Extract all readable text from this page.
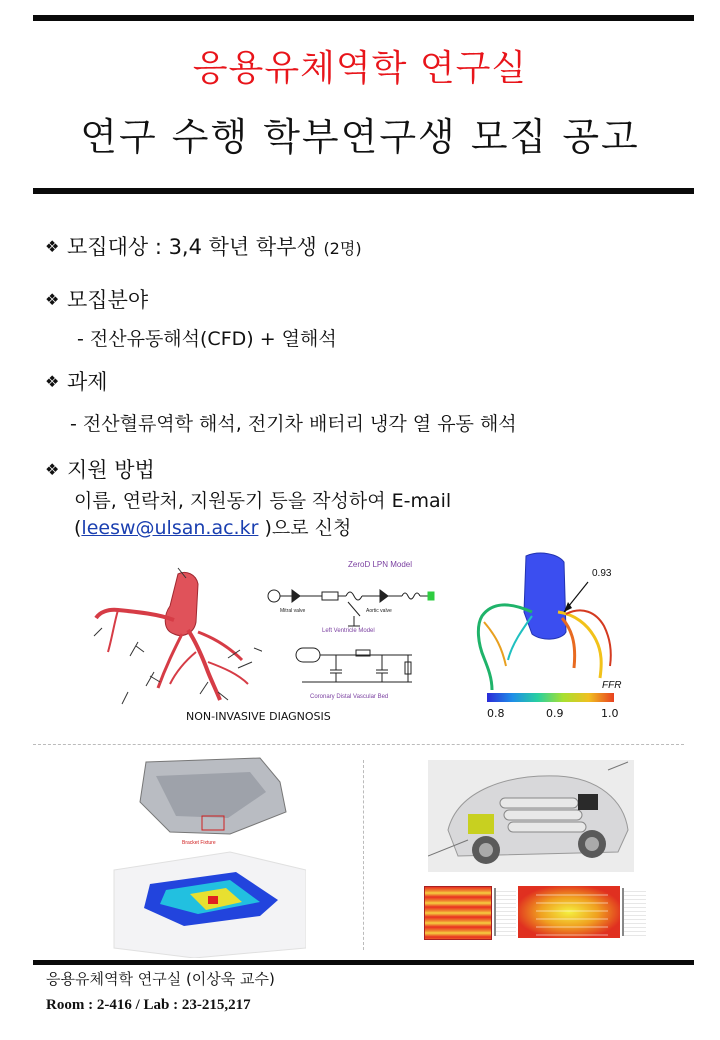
응용유체역학 연구실
연구 수행 학부연구생 모집 공고
❖ 모집대상 : 3,4 학년 학부생 (2명)
❖ 모집분야
- 전산유동해석(CFD) + 열해석
❖ 과제
- 전산혈류역학 해석, 전기차 배터리 냉각 열 유동 해석
❖ 지원 방법
이름, 연락처, 지원동기 등을 작성하여 E-mail
(leesw@ulsan.ac.kr )으로 신청
ZeroD LPN Model
Mitral valve	Aortic valve
Left Ventricle Model
Coronary Distal Vascular Bed
0.93
FFR
0.8	0.9	1.0
NON-INVASIVE DIAGNOSIS
Bracket Fixture
응용유체역학 연구실 (이상욱 교수)
Room : 2-416 / Lab : 23-215,217
